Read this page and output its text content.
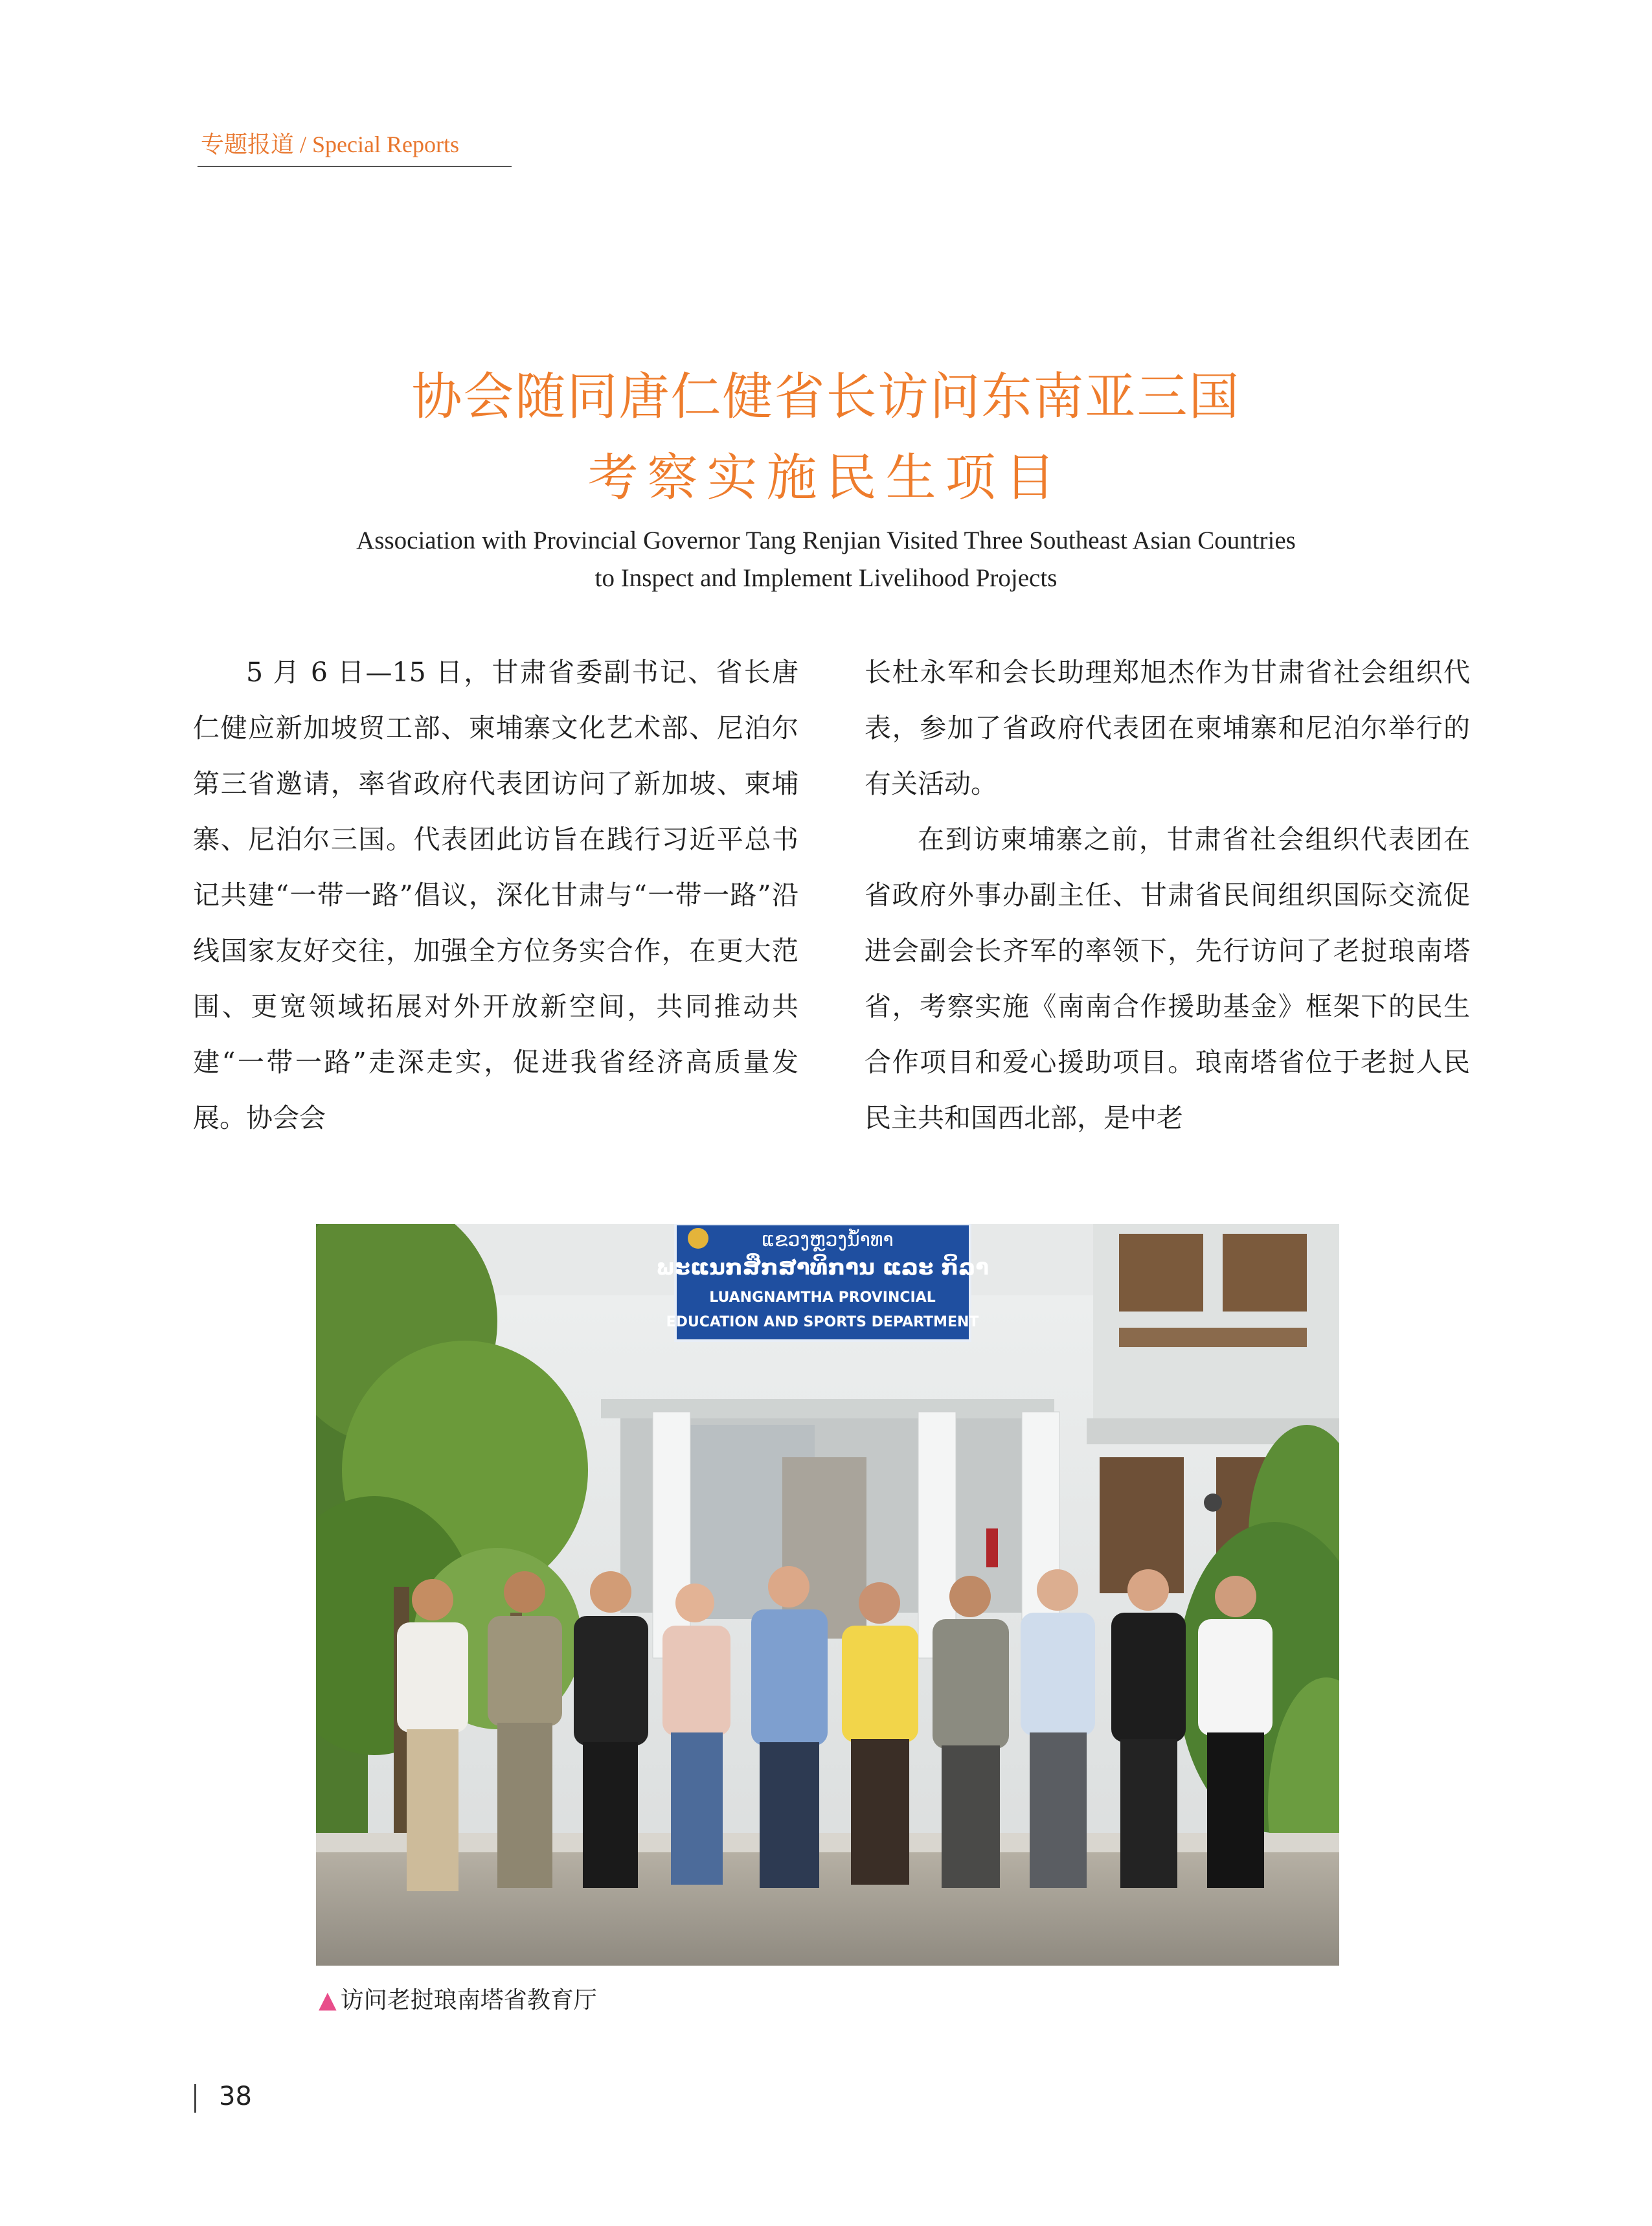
专题报道 / Special Reports
协会随同唐仁健省长访问东南亚三国
考察实施民生项目
Association with Provincial Governor Tang Renjian Visited Three Southeast Asian Countries
to Inspect and Implement Livelihood Projects

5 月 6 日—15 日，甘肃省委副书记、省长唐仁健应新加坡贸工部、柬埔寨文化艺术部、尼泊尔第三省邀请，率省政府代表团访问了新加坡、柬埔寨、尼泊尔三国。代表团此访旨在践行习近平总书记共建“一带一路”倡议，深化甘肃与“一带一路”沿线国家友好交往，加强全方位务实合作，在更大范围、更宽领域拓展对外开放新空间，共同推动共建“一带一路”走深走实，促进我省经济高质量发展。协会会

长杜永军和会长助理郑旭杰作为甘肃省社会组织代表，参加了省政府代表团在柬埔寨和尼泊尔举行的有关活动。

在到访柬埔寨之前，甘肃省社会组织代表团在省政府外事办副主任、甘肃省民间组织国际交流促进会副会长齐军的率领下，先行访问了老挝琅南塔省，考察实施《南南合作援助基金》框架下的民生合作项目和爱心援助项目。琅南塔省位于老挝人民民主共和国西北部，是中老

ແຂວງຫຼວງນ້ຳທາ
ພະແນກສຶກສາທິການ ແລະ ກິລາ
LUANGNAMTHA PROVINCIAL
EDUCATION AND SPORTS DEPARTMENT
▲ 访问老挝琅南塔省教育厅
38
